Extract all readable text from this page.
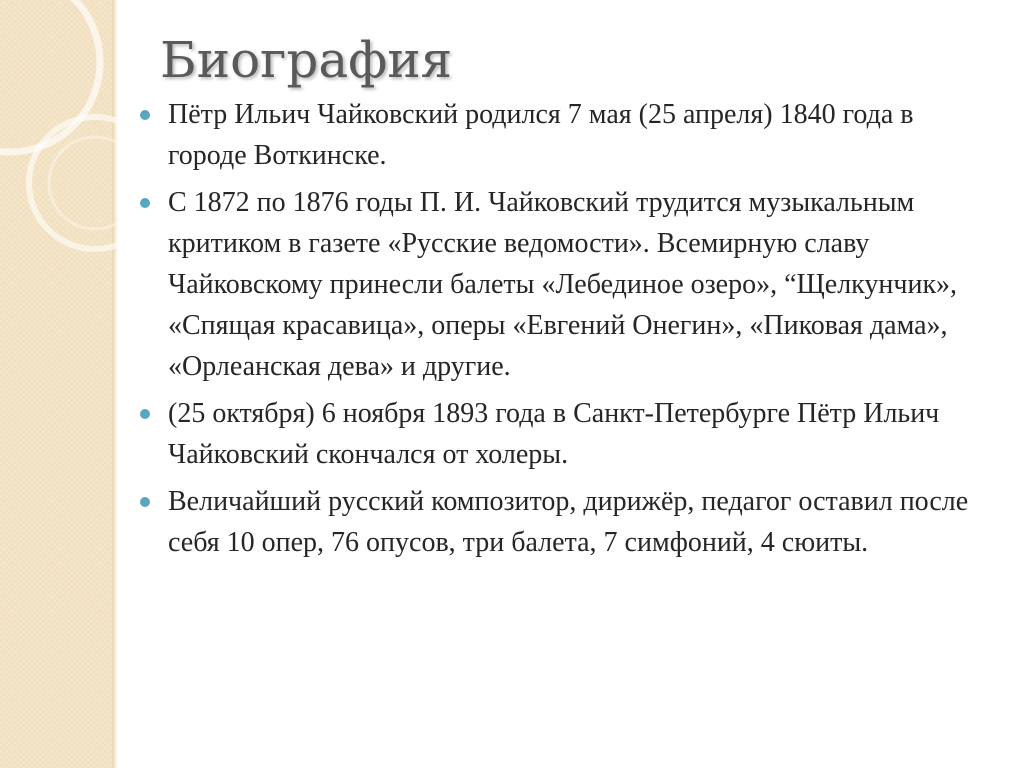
Биография
Пётр Ильич Чайковский родился 7 мая (25 апреля) 1840 года в городе Воткинске.
С 1872 по 1876 годы П. И. Чайковский трудится музыкальным критиком в газете «Русские ведомости». Всемирную славу Чайковскому принесли балеты «Лебединое озеро», “Щелкунчик», «Спящая красавица», оперы «Евгений Онегин», «Пиковая дама», «Орлеанская дева» и другие.
(25 октября) 6 ноября 1893 года в Санкт-Петербурге Пётр Ильич Чайковский скончался от холеры.
Величайший русский композитор, дирижёр, педагог оставил после себя 10 опер, 76 опусов, три балета, 7 симфоний, 4 сюиты.
